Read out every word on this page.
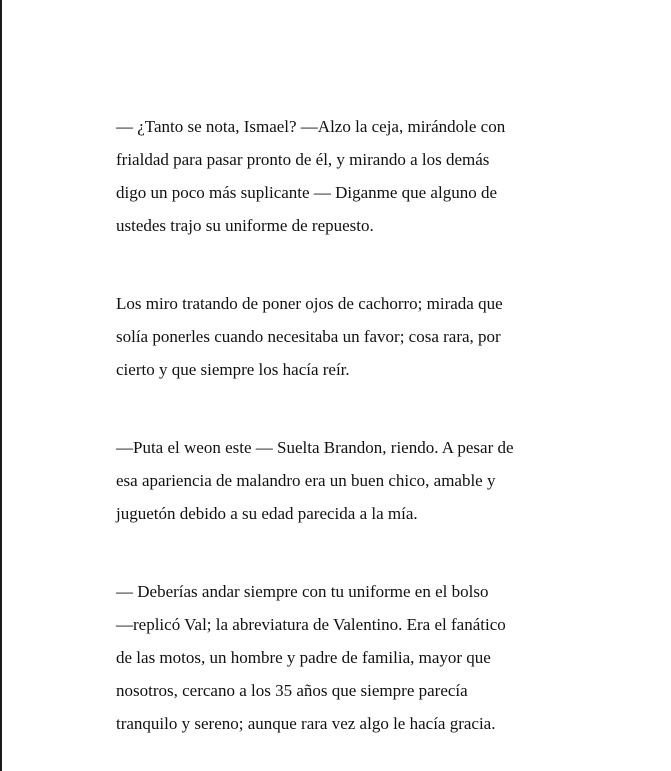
— ¿Tanto se nota, Ismael? —Alzo la ceja, mirándole con
frialdad para pasar pronto de él, y mirando a los demás
digo un poco más suplicante — Diganme que alguno de
ustedes trajo su uniforme de repuesto.
Los miro tratando de poner ojos de cachorro; mirada que
solía ponerles cuando necesitaba un favor; cosa rara, por
cierto y que siempre los hacía reír.
—Puta el weon este — Suelta Brandon, riendo. A pesar de
esa apariencia de malandro era un buen chico, amable y
juguetón debido a su edad parecida a la mía.
— Deberías andar siempre con tu uniforme en el bolso
—replicó Val; la abreviatura de Valentino. Era el fanático
de las motos, un hombre y padre de familia, mayor que
nosotros, cercano a los 35 años que siempre parecía
tranquilo y sereno; aunque rara vez algo le hacía gracia.
